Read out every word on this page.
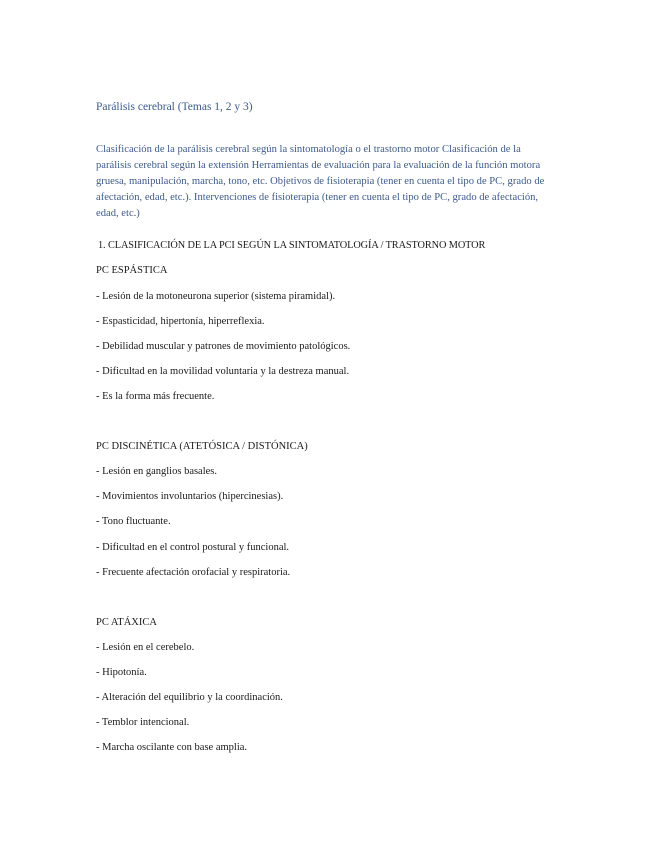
Parálisis cerebral (Temas 1, 2 y 3)

Clasificación de la parálisis cerebral según la sintomatología o el trastorno motor Clasificación de la parálisis cerebral según la extensión Herramientas de evaluación para la evaluación de la función motora gruesa, manipulación, marcha, tono, etc. Objetivos de fisioterapia (tener en cuenta el tipo de PC, grado de afectación, edad, etc.). Intervenciones de fisioterapia (tener en cuenta el tipo de PC, grado de afectación, edad, etc.)

1. CLASIFICACIÓN DE LA PCI SEGÚN LA SINTOMATOLOGÍA / TRASTORNO MOTOR
PC ESPÁSTICA

- Lesión de la motoneurona superior (sistema piramidal).

- Espasticidad, hipertonía, hiperreflexia.

- Debilidad muscular y patrones de movimiento patológicos.

- Dificultad en la movilidad voluntaria y la destreza manual.

- Es la forma más frecuente.

PC DISCINÉTICA (ATETÓSICA / DISTÓNICA)

- Lesión en ganglios basales.

- Movimientos involuntarios (hipercinesias).

- Tono fluctuante.

- Dificultad en el control postural y funcional.

- Frecuente afectación orofacial y respiratoria.

PC ATÁXICA

- Lesión en el cerebelo.

- Hipotonía.

- Alteración del equilibrio y la coordinación.

- Temblor intencional.

- Marcha oscilante con base amplia.
